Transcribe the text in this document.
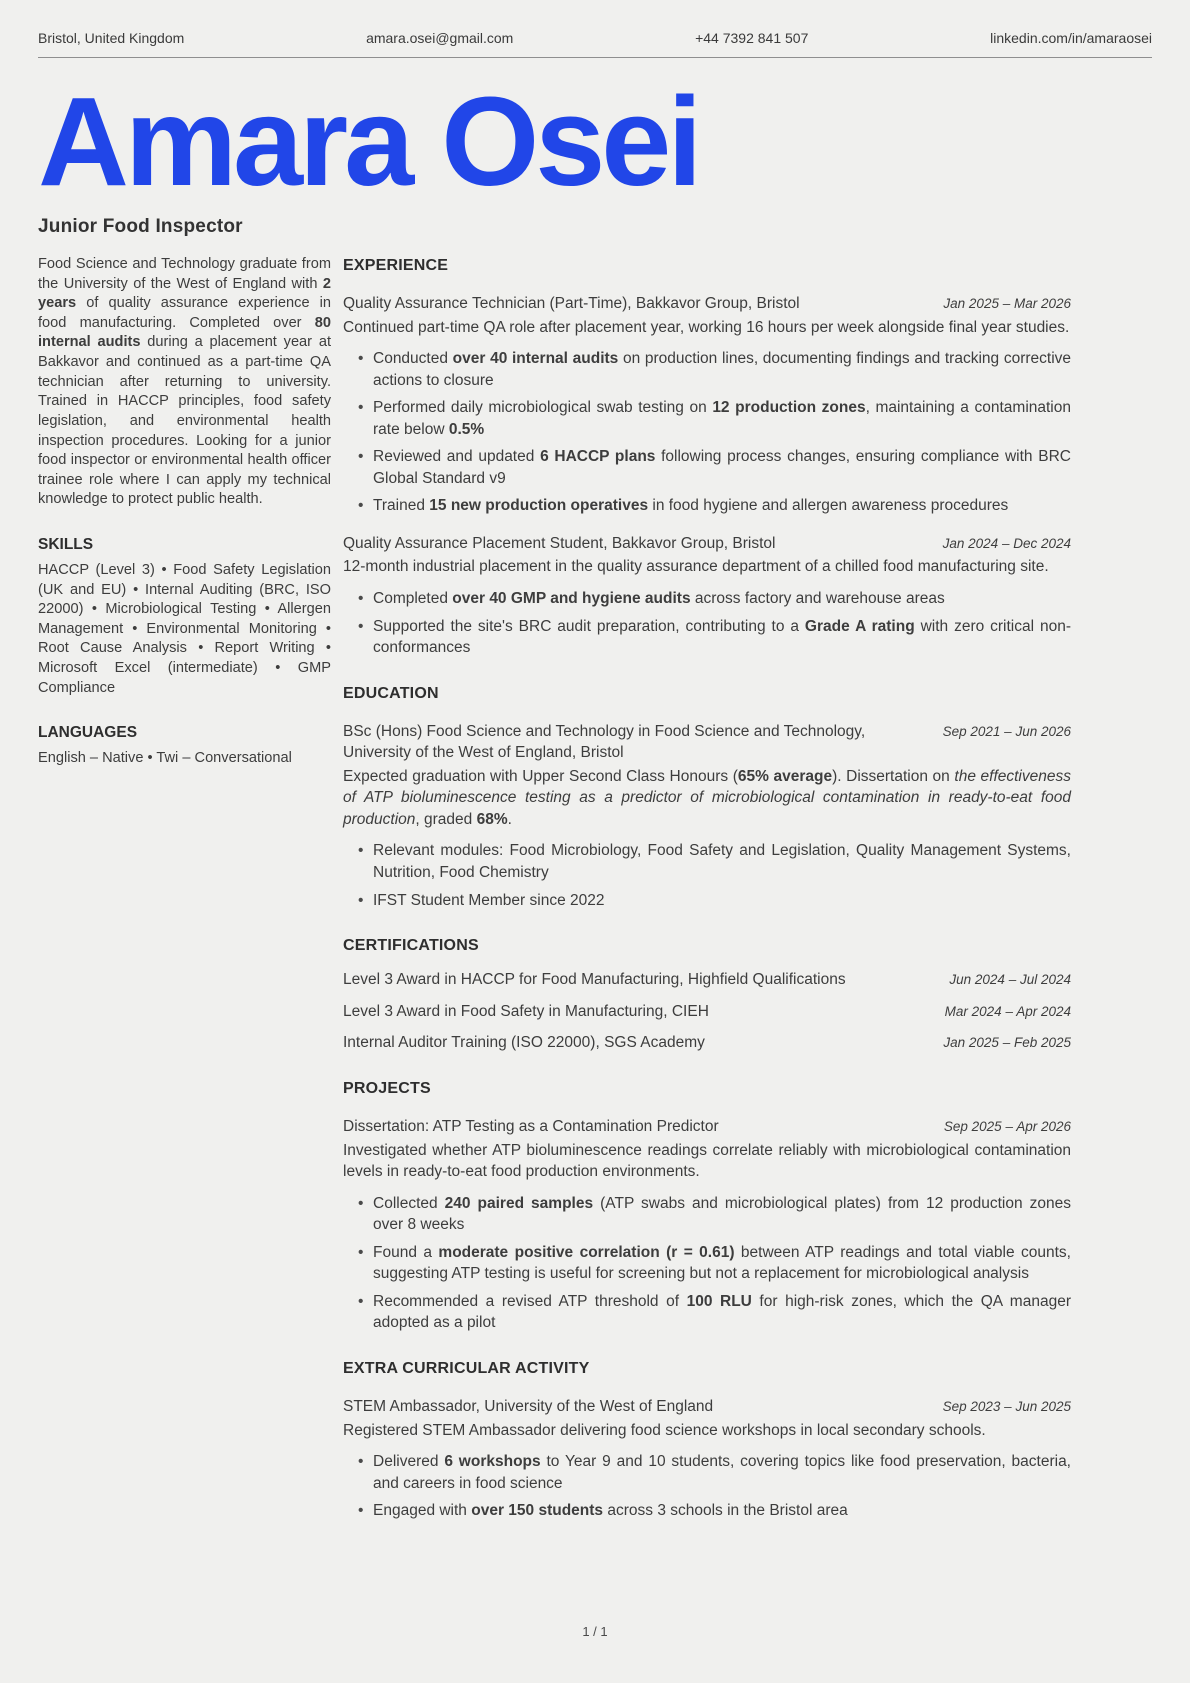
Bristol, United Kingdom	amara.osei@gmail.com	+44 7392 841 507	linkedin.com/in/amaraosei
Amara Osei
Junior Food Inspector

Food Science and Technology graduate from the University of the West of England with 2 years of quality assurance experience in food manufacturing. Completed over 80 internal audits during a placement year at Bakkavor and continued as a part-time QA technician after returning to university. Trained in HACCP principles, food safety legislation, and environmental health inspection procedures. Looking for a junior food inspector or environmental health officer trainee role where I can apply my technical knowledge to protect public health.

SKILLS
HACCP (Level 3) • Food Safety Legislation (UK and EU) • Internal Auditing (BRC, ISO 22000) • Microbiological Testing • Allergen Management • Environmental Monitoring • Root Cause Analysis • Report Writing • Microsoft Excel (intermediate) • GMP Compliance
LANGUAGES
English – Native • Twi – Conversational
EXPERIENCE
Quality Assurance Technician (Part-Time), Bakkavor Group, Bristol	Jan 2025 – Mar 2026
Continued part-time QA role after placement year, working 16 hours per week alongside final year studies.
• Conducted over 40 internal audits on production lines, documenting findings and tracking corrective actions to closure
• Performed daily microbiological swab testing on 12 production zones, maintaining a contamination rate below 0.5%
• Reviewed and updated 6 HACCP plans following process changes, ensuring compliance with BRC Global Standard v9
• Trained 15 new production operatives in food hygiene and allergen awareness procedures
Quality Assurance Placement Student, Bakkavor Group, Bristol	Jan 2024 – Dec 2024
12-month industrial placement in the quality assurance department of a chilled food manufacturing site.
• Completed over 40 GMP and hygiene audits across factory and warehouse areas
• Supported the site's BRC audit preparation, contributing to a Grade A rating with zero critical non-conformances
EDUCATION
BSc (Hons) Food Science and Technology in Food Science and Technology, University of the West of England, Bristol
Sep 2021 – Jun 2026
Expected graduation with Upper Second Class Honours (65% average). Dissertation on the effectiveness of ATP bioluminescence testing as a predictor of microbiological contamination in ready-to-eat food production, graded 68%.
• Relevant modules: Food Microbiology, Food Safety and Legislation, Quality Management Systems, Nutrition, Food Chemistry
• IFST Student Member since 2022
CERTIFICATIONS
Level 3 Award in HACCP for Food Manufacturing, Highfield Qualifications	Jun 2024 – Jul 2024
Level 3 Award in Food Safety in Manufacturing, CIEH	Mar 2024 – Apr 2024
Internal Auditor Training (ISO 22000), SGS Academy	Jan 2025 – Feb 2025
PROJECTS
Dissertation: ATP Testing as a Contamination Predictor	Sep 2025 – Apr 2026
Investigated whether ATP bioluminescence readings correlate reliably with microbiological contamination levels in ready-to-eat food production environments.
• Collected 240 paired samples (ATP swabs and microbiological plates) from 12 production zones over 8 weeks
• Found a moderate positive correlation (r = 0.61) between ATP readings and total viable counts, suggesting ATP testing is useful for screening but not a replacement for microbiological analysis
• Recommended a revised ATP threshold of 100 RLU for high-risk zones, which the QA manager adopted as a pilot
EXTRA CURRICULAR ACTIVITY
STEM Ambassador, University of the West of England	Sep 2023 – Jun 2025
Registered STEM Ambassador delivering food science workshops in local secondary schools.
• Delivered 6 workshops to Year 9 and 10 students, covering topics like food preservation, bacteria, and careers in food science
• Engaged with over 150 students across 3 schools in the Bristol area
1 / 1
